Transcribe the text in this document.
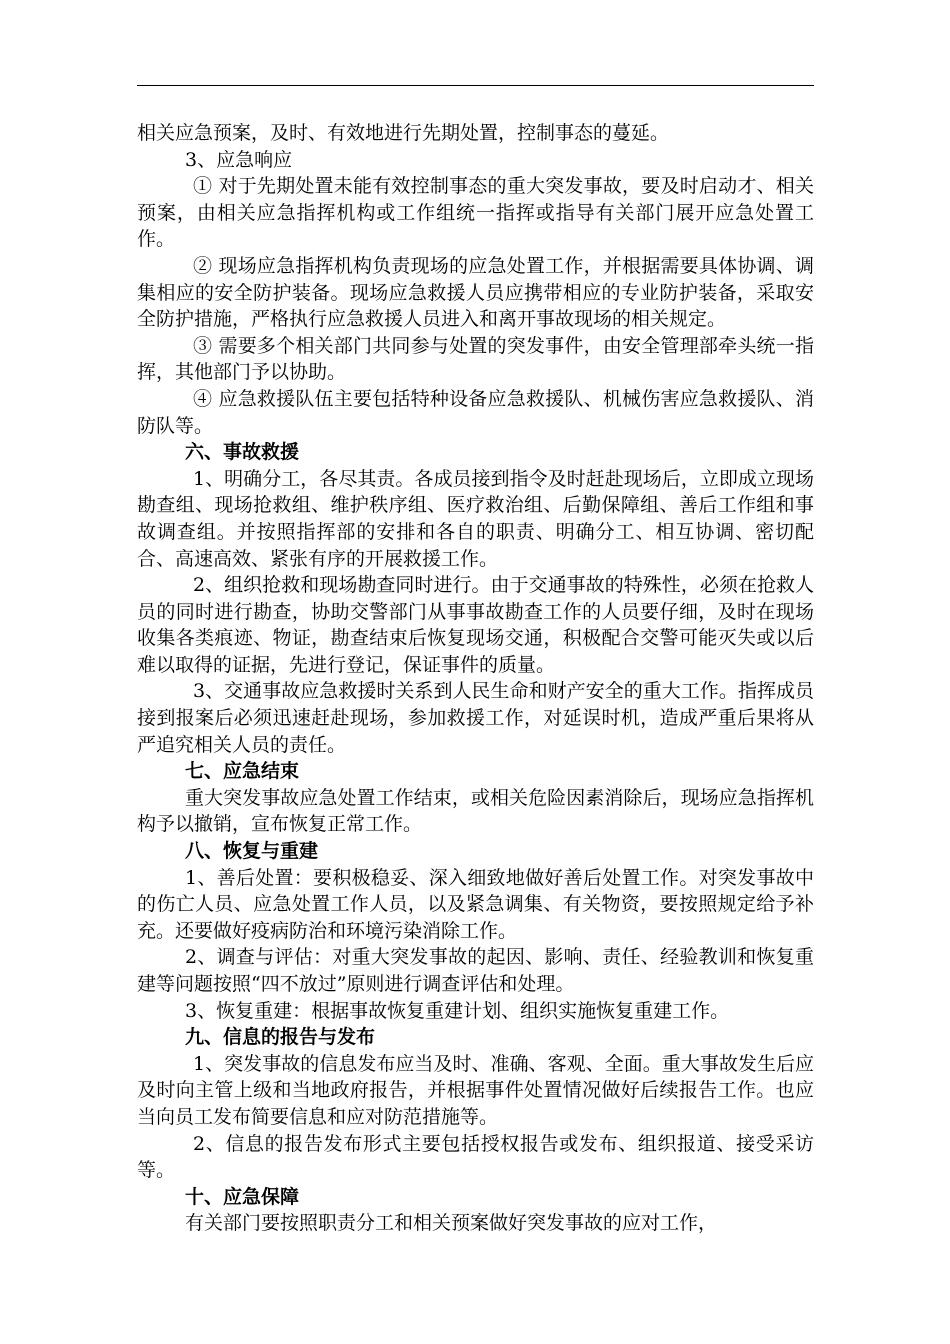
相关应急预案，及时、有效地进行先期处置，控制事态的蔓延。

3、应急响应

① 对于先期处置未能有效控制事态的重大突发事故，要及时启动才、相关预案，由相关应急指挥机构或工作组统一指挥或指导有关部门展开应急处置工作。

② 现场应急指挥机构负责现场的应急处置工作，并根据需要具体协调、调集相应的安全防护装备。现场应急救援人员应携带相应的专业防护装备，采取安全防护措施，严格执行应急救援人员进入和离开事故现场的相关规定。

③ 需要多个相关部门共同参与处置的突发事件，由安全管理部牵头统一指挥，其他部门予以协助。

④ 应急救援队伍主要包括特种设备应急救援队、机械伤害应急救援队、消防队等。

六、事故救援

1、明确分工，各尽其责。各成员接到指令及时赶赴现场后，立即成立现场勘查组、现场抢救组、维护秩序组、医疗救治组、后勤保障组、善后工作组和事故调查组。并按照指挥部的安排和各自的职责、明确分工、相互协调、密切配合、高速高效、紧张有序的开展救援工作。

2、组织抢救和现场勘查同时进行。由于交通事故的特殊性，必须在抢救人员的同时进行勘查，协助交警部门从事事故勘查工作的人员要仔细，及时在现场收集各类痕迹、物证，勘查结束后恢复现场交通，积极配合交警可能灭失或以后难以取得的证据，先进行登记，保证事件的质量。

3、交通事故应急救援时关系到人民生命和财产安全的重大工作。指挥成员接到报案后必须迅速赶赴现场，参加救援工作，对延误时机，造成严重后果将从严追究相关人员的责任。

七、应急结束

重大突发事故应急处置工作结束，或相关危险因素消除后，现场应急指挥机构予以撤销，宣布恢复正常工作。

八、恢复与重建

1、善后处置：要积极稳妥、深入细致地做好善后处置工作。对突发事故中的伤亡人员、应急处置工作人员，以及紧急调集、有关物资，要按照规定给予补充。还要做好疫病防治和环境污染消除工作。

2、调查与评估：对重大突发事故的起因、影响、责任、经验教训和恢复重建等问题按照“四不放过”原则进行调查评估和处理。

3、恢复重建：根据事故恢复重建计划、组织实施恢复重建工作。

九、信息的报告与发布

1、突发事故的信息发布应当及时、准确、客观、全面。重大事故发生后应及时向主管上级和当地政府报告，并根据事件处置情况做好后续报告工作。也应当向员工发布简要信息和应对防范措施等。

2、信息的报告发布形式主要包括授权报告或发布、组织报道、接受采访等。

十、应急保障

有关部门要按照职责分工和相关预案做好突发事故的应对工作，
